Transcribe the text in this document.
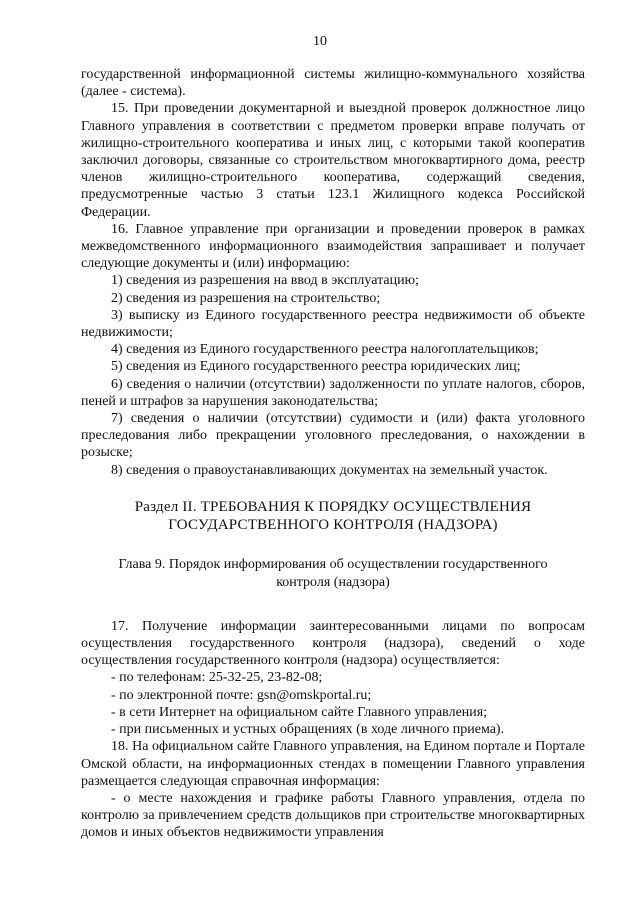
10

государственной информационной системы жилищно-коммунального хозяйства (далее - система).

15. При проведении документарной и выездной проверок должностное лицо Главного управления в соответствии с предметом проверки вправе получать от жилищно-строительного кооператива и иных лиц, с которыми такой кооператив заключил договоры, связанные со строительством многоквартирного дома, реестр членов жилищно-строительного кооператива, содержащий сведения, предусмотренные частью 3 статьи 123.1 Жилищного кодекса Российской Федерации.

16. Главное управление при организации и проведении проверок в рамках межведомственного информационного взаимодействия запрашивает и получает следующие документы и (или) информацию:

1) сведения из разрешения на ввод в эксплуатацию;

2) сведения из разрешения на строительство;

3) выписку из Единого государственного реестра недвижимости об объекте недвижимости;

4) сведения из Единого государственного реестра налогоплательщиков;

5) сведения из Единого государственного реестра юридических лиц;

6) сведения о наличии (отсутствии) задолженности по уплате налогов, сборов, пеней и штрафов за нарушения законодательства;

7) сведения о наличии (отсутствии) судимости и (или) факта уголовного преследования либо прекращении уголовного преследования, о нахождении в розыске;

8) сведения о правоустанавливающих документах на земельный участок.

Раздел II. ТРЕБОВАНИЯ К ПОРЯДКУ ОСУЩЕСТВЛЕНИЯ
ГОСУДАРСТВЕННОГО КОНТРОЛЯ (НАДЗОРА)

Глава 9. Порядок информирования об осуществлении государственного
контроля (надзора)

17. Получение информации заинтересованными лицами по вопросам осуществления государственного контроля (надзора), сведений о ходе осуществления государственного контроля (надзора) осуществляется:

- по телефонам: 25-32-25, 23-82-08;

- по электронной почте: gsn@omskportal.ru;

- в сети Интернет на официальном сайте Главного управления;

- при письменных и устных обращениях (в ходе личного приема).

18. На официальном сайте Главного управления, на Едином портале и Портале Омской области, на информационных стендах в помещении Главного управления размещается следующая справочная информация:

- о месте нахождения и графике работы Главного управления, отдела по контролю за привлечением средств дольщиков при строительстве многоквартирных домов и иных объектов недвижимости управления
